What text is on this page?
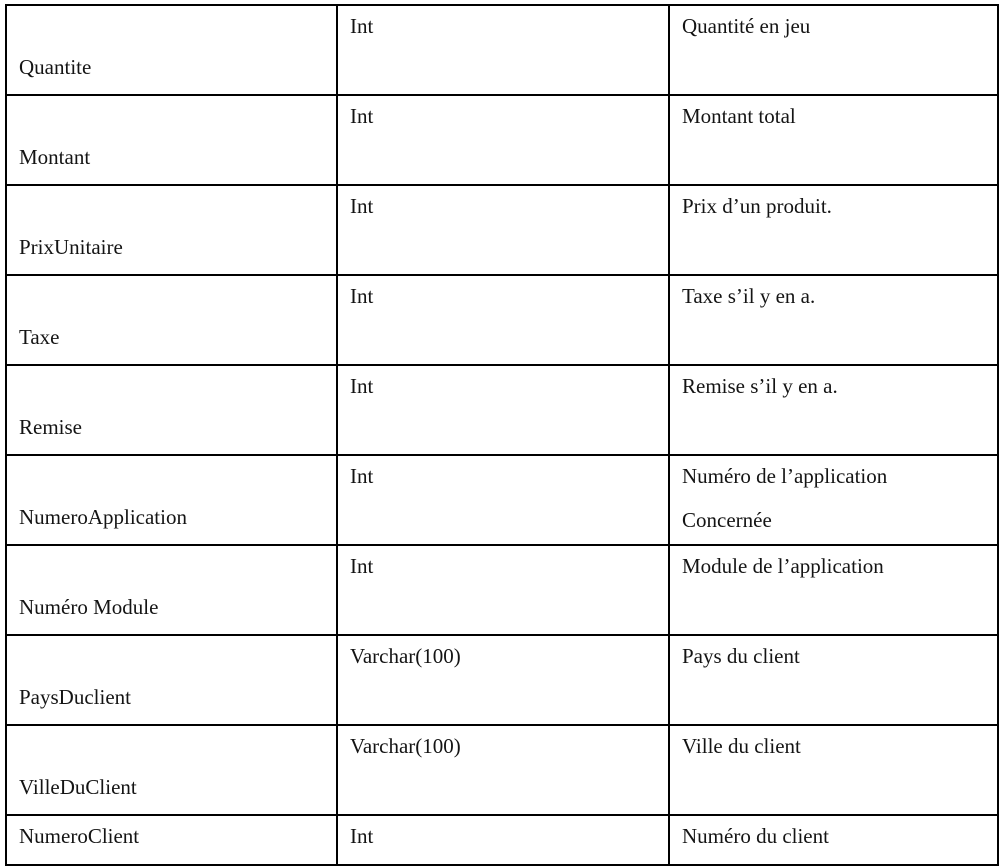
Quantite	Int	Quantité en jeu

Montant	Int	Montant total

PrixUnitaire	Int	Prix d’un produit.

Taxe	Int	Taxe s’il y en a.

Remise	Int	Remise s’il y en a.

NumeroApplication	Int	Numéro de l’application
Concernée

Numéro Module	Int	Module de l’application

PaysDuclient	Varchar(100)	Pays du client

VilleDuClient	Varchar(100)	Ville du client

NumeroClient	Int	Numéro du client
